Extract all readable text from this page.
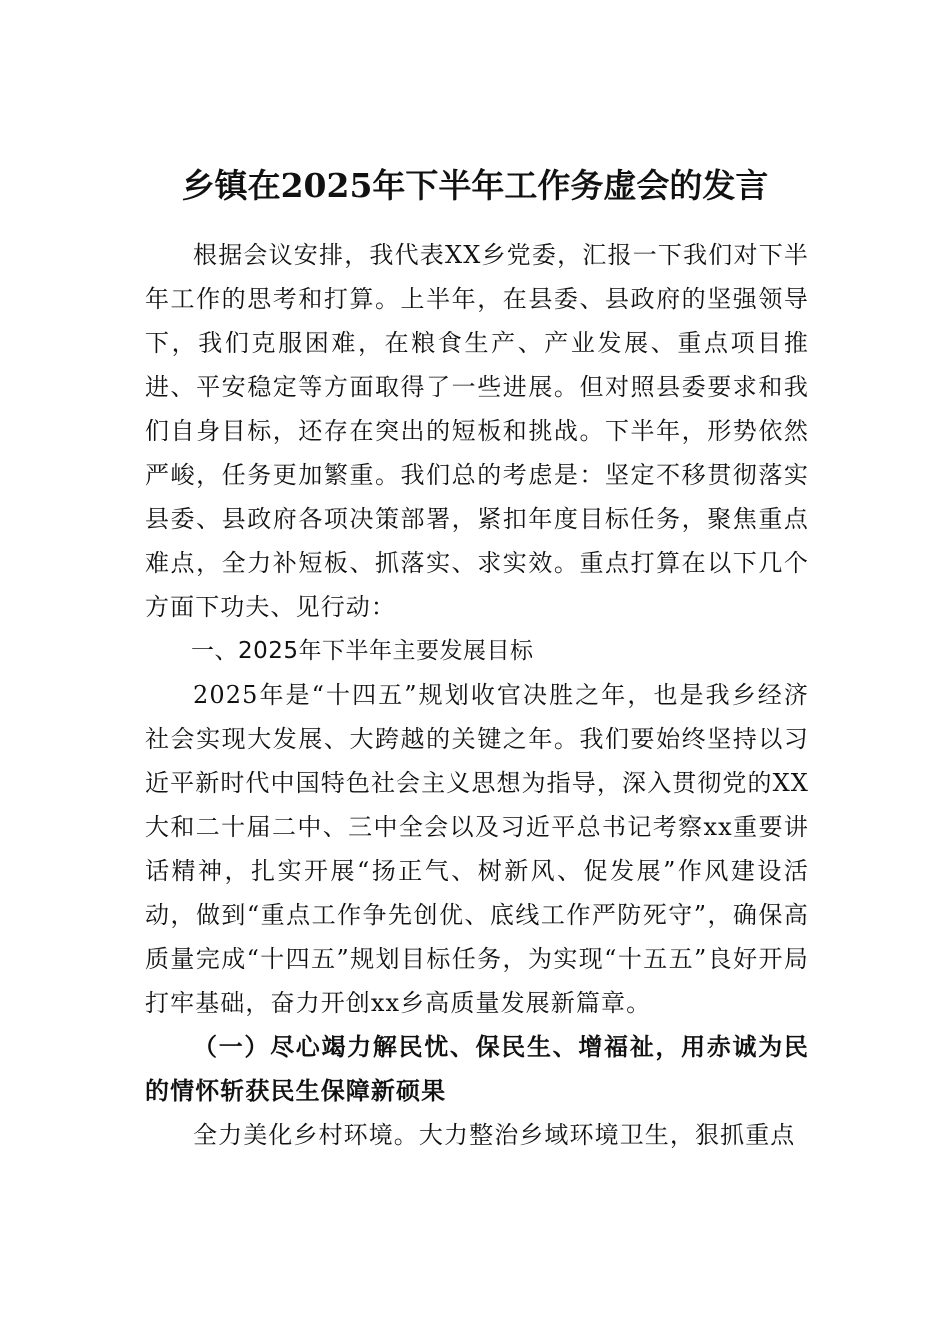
乡镇在2025年下半年工作务虚会的发言

根据会议安排，我代表XX乡党委，汇报一下我们对下半年工作的思考和打算。上半年，在县委、县政府的坚强领导下，我们克服困难，在粮食生产、产业发展、重点项目推进、平安稳定等方面取得了一些进展。但对照县委要求和我们自身目标，还存在突出的短板和挑战。下半年，形势依然严峻，任务更加繁重。我们总的考虑是：坚定不移贯彻落实县委、县政府各项决策部署，紧扣年度目标任务，聚焦重点难点，全力补短板、抓落实、求实效。重点打算在以下几个方面下功夫、见行动：

一、2025年下半年主要发展目标

2025年是“十四五”规划收官决胜之年，也是我乡经济社会实现大发展、大跨越的关键之年。我们要始终坚持以习近平新时代中国特色社会主义思想为指导，深入贯彻党的XX大和二十届二中、三中全会以及习近平总书记考察xx重要讲话精神，扎实开展“扬正气、树新风、促发展”作风建设活动，做到“重点工作争先创优、底线工作严防死守”，确保高质量完成“十四五”规划目标任务，为实现“十五五”良好开局打牢基础，奋力开创xx乡高质量发展新篇章。

（一）尽心竭力解民忧、保民生、增福祉，用赤诚为民的情怀斩获民生保障新硕果

全力美化乡村环境。大力整治乡域环境卫生，狠抓重点
